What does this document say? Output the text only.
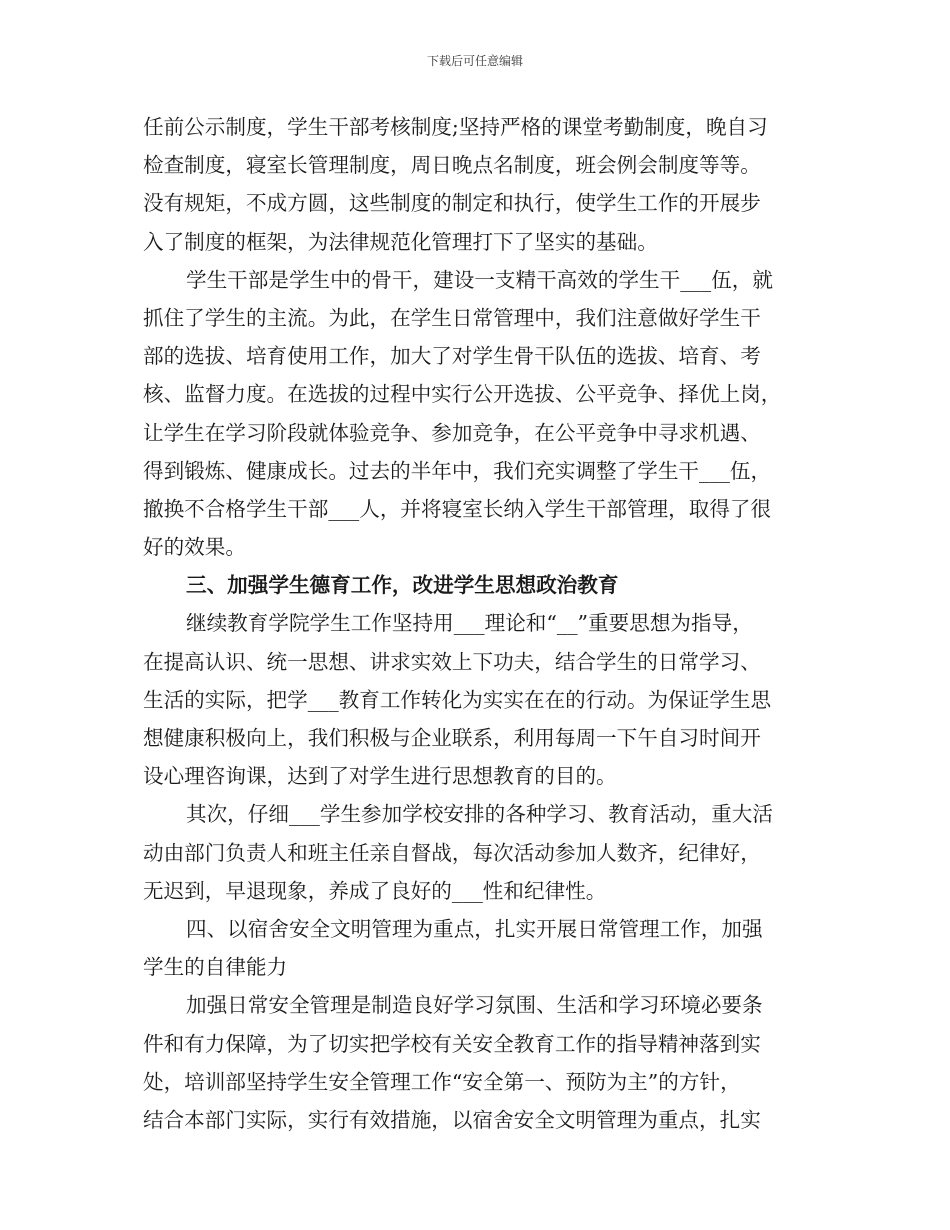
下载后可任意编辑
任前公示制度，学生干部考核制度;坚持严格的课堂考勤制度，晚自习
检查制度，寝室长管理制度，周日晚点名制度，班会例会制度等等。
没有规矩，不成方圆，这些制度的制定和执行，使学生工作的开展步
入了制度的框架，为法律规范化管理打下了坚实的基础。
学生干部是学生中的骨干，建设一支精干高效的学生干___伍，就
抓住了学生的主流。为此，在学生日常管理中，我们注意做好学生干
部的选拔、培育使用工作，加大了对学生骨干队伍的选拔、培育、考
核、监督力度。在选拔的过程中实行公开选拔、公平竞争、择优上岗，
让学生在学习阶段就体验竞争、参加竞争，在公平竞争中寻求机遇、
得到锻炼、健康成长。过去的半年中，我们充实调整了学生干___伍，
撤换不合格学生干部___人，并将寝室长纳入学生干部管理，取得了很
好的效果。
三、加强学生德育工作，改进学生思想政治教育
继续教育学院学生工作坚持用___理论和“__”重要思想为指导，
在提高认识、统一思想、讲求实效上下功夫，结合学生的日常学习、
生活的实际，把学___教育工作转化为实实在在的行动。为保证学生思
想健康积极向上，我们积极与企业联系，利用每周一下午自习时间开
设心理咨询课，达到了对学生进行思想教育的目的。
其次，仔细___学生参加学校安排的各种学习、教育活动，重大活
动由部门负责人和班主任亲自督战，每次活动参加人数齐，纪律好，
无迟到，早退现象，养成了良好的___性和纪律性。
四、以宿舍安全文明管理为重点，扎实开展日常管理工作，加强
学生的自律能力
加强日常安全管理是制造良好学习氛围、生活和学习环境必要条
件和有力保障，为了切实把学校有关安全教育工作的指导精神落到实
处，培训部坚持学生安全管理工作“安全第一、预防为主”的方针，
结合本部门实际，实行有效措施，以宿舍安全文明管理为重点，扎实
